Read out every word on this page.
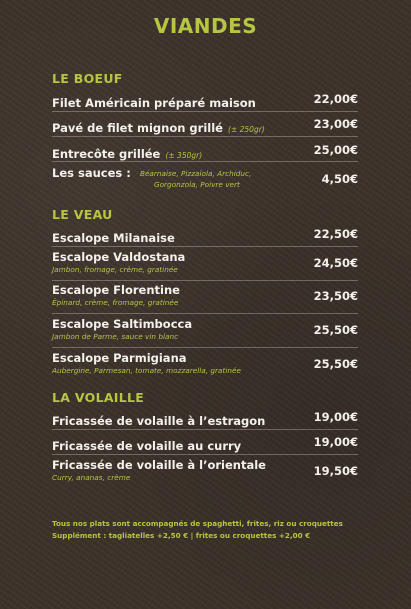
VIANDES
LE BOEUF
Filet Américain préparé maison	22,00€
Pavé de filet mignon grillé (± 250gr)	23,00€
Entrecôte grillée (± 350gr)	25,00€
Les sauces : Béarnaise, Pizzaïola, Archiduc,
Gorgonzola, Poivre vert	4,50€
LE VEAU
Escalope Milanaise	22,50€
Escalope Valdostana
Jambon, fromage, crème, gratinée	24,50€
Escalope Florentine
Épinard, crème, fromage, gratinée	23,50€
Escalope Saltimbocca
Jambon de Parme, sauce vin blanc	25,50€
Escalope Parmigiana
Aubergine, Parmesan, tomate, mozzarella, gratinée	25,50€
LA VOLAILLE
Fricassée de volaille à l’estragon	19,00€
Fricassée de volaille au curry	19,00€
Fricassée de volaille à l’orientale
Curry, ananas, crème	19,50€
Tous nos plats sont accompagnés de spaghetti, frites, riz ou croquettes
Supplément : tagliatelles +2,50 € | frites ou croquettes +2,00 €
